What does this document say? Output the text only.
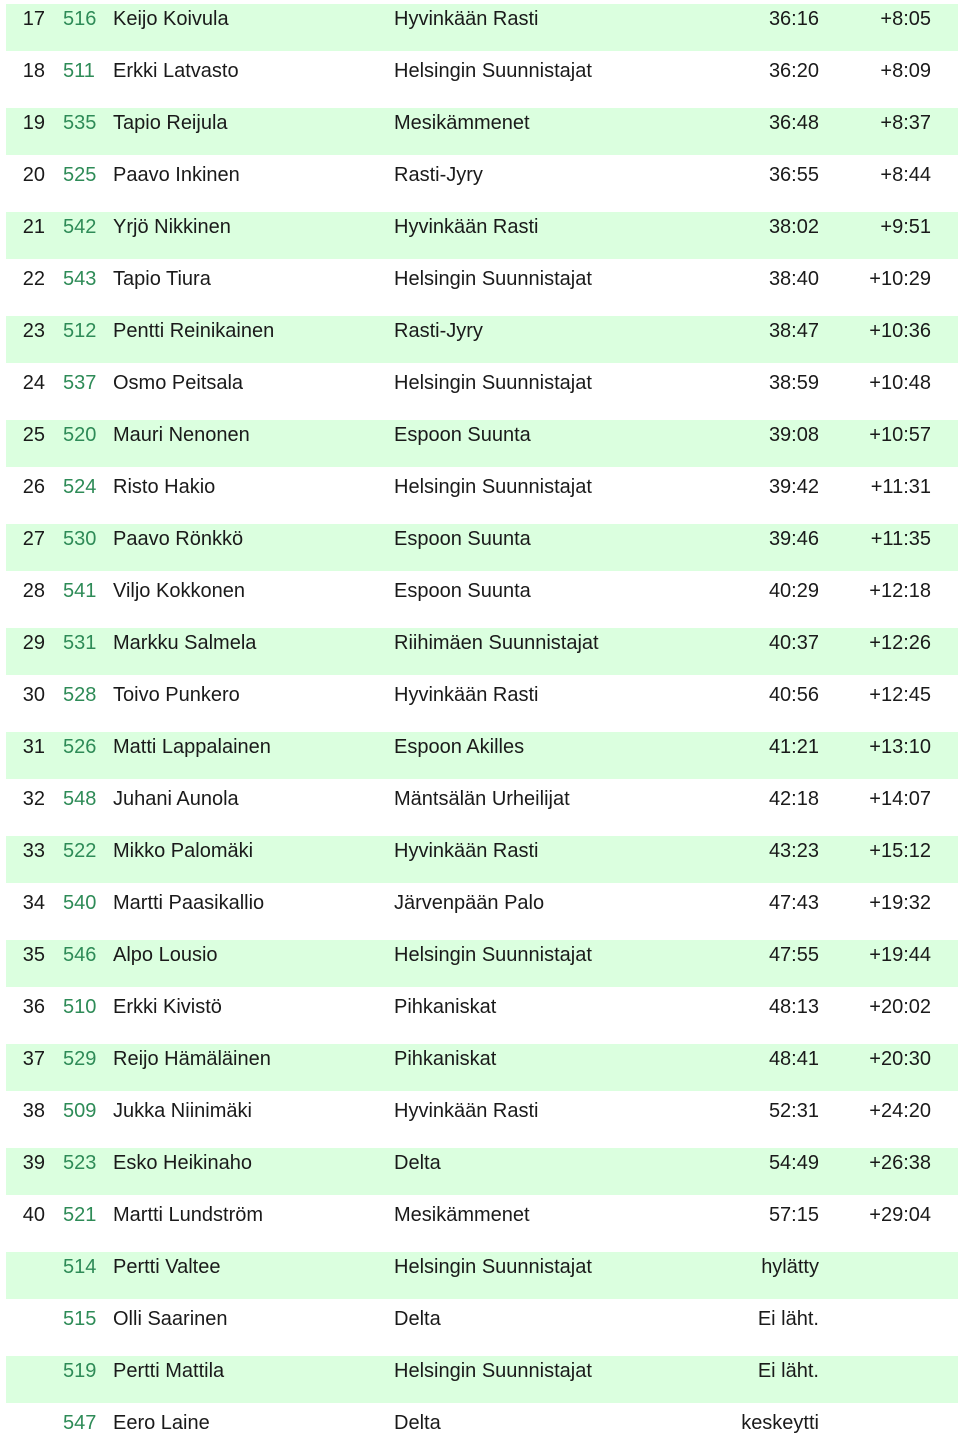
17 516 Keijo Koivula	Hyvinkään Rasti	36:16	+8:05
18 511 Erkki Latvasto	Helsingin Suunnistajat	36:20	+8:09
19 535 Tapio Reijula	Mesikämmenet	36:48	+8:37
20 525 Paavo Inkinen	Rasti-Jyry	36:55	+8:44
21 542 Yrjö Nikkinen	Hyvinkään Rasti	38:02	+9:51
22 543 Tapio Tiura	Helsingin Suunnistajat	38:40	+10:29
23 512 Pentti Reinikainen	Rasti-Jyry	38:47	+10:36
24 537 Osmo Peitsala	Helsingin Suunnistajat	38:59	+10:48
25 520 Mauri Nenonen	Espoon Suunta	39:08	+10:57
26 524 Risto Hakio	Helsingin Suunnistajat	39:42	+11:31
27 530 Paavo Rönkkö	Espoon Suunta	39:46	+11:35
28 541 Viljo Kokkonen	Espoon Suunta	40:29	+12:18
29 531 Markku Salmela	Riihimäen Suunnistajat	40:37	+12:26
30 528 Toivo Punkero	Hyvinkään Rasti	40:56	+12:45
31 526 Matti Lappalainen	Espoon Akilles	41:21	+13:10
32 548 Juhani Aunola	Mäntsälän Urheilijat	42:18	+14:07
33 522 Mikko Palomäki	Hyvinkään Rasti	43:23	+15:12
34 540 Martti Paasikallio	Järvenpään Palo	47:43	+19:32
35 546 Alpo Lousio	Helsingin Suunnistajat	47:55	+19:44
36 510 Erkki Kivistö	Pihkaniskat	48:13	+20:02
37 529 Reijo Hämäläinen	Pihkaniskat	48:41	+20:30
38 509 Jukka Niinimäki	Hyvinkään Rasti	52:31	+24:20
39 523 Esko Heikinaho	Delta	54:49	+26:38
40 521 Martti Lundström	Mesikämmenet	57:15	+29:04
514 Pertti Valtee	Helsingin Suunnistajat	hylätty
515 Olli Saarinen	Delta	Ei läht.
519 Pertti Mattila	Helsingin Suunnistajat	Ei läht.
547 Eero Laine	Delta	keskeytti
